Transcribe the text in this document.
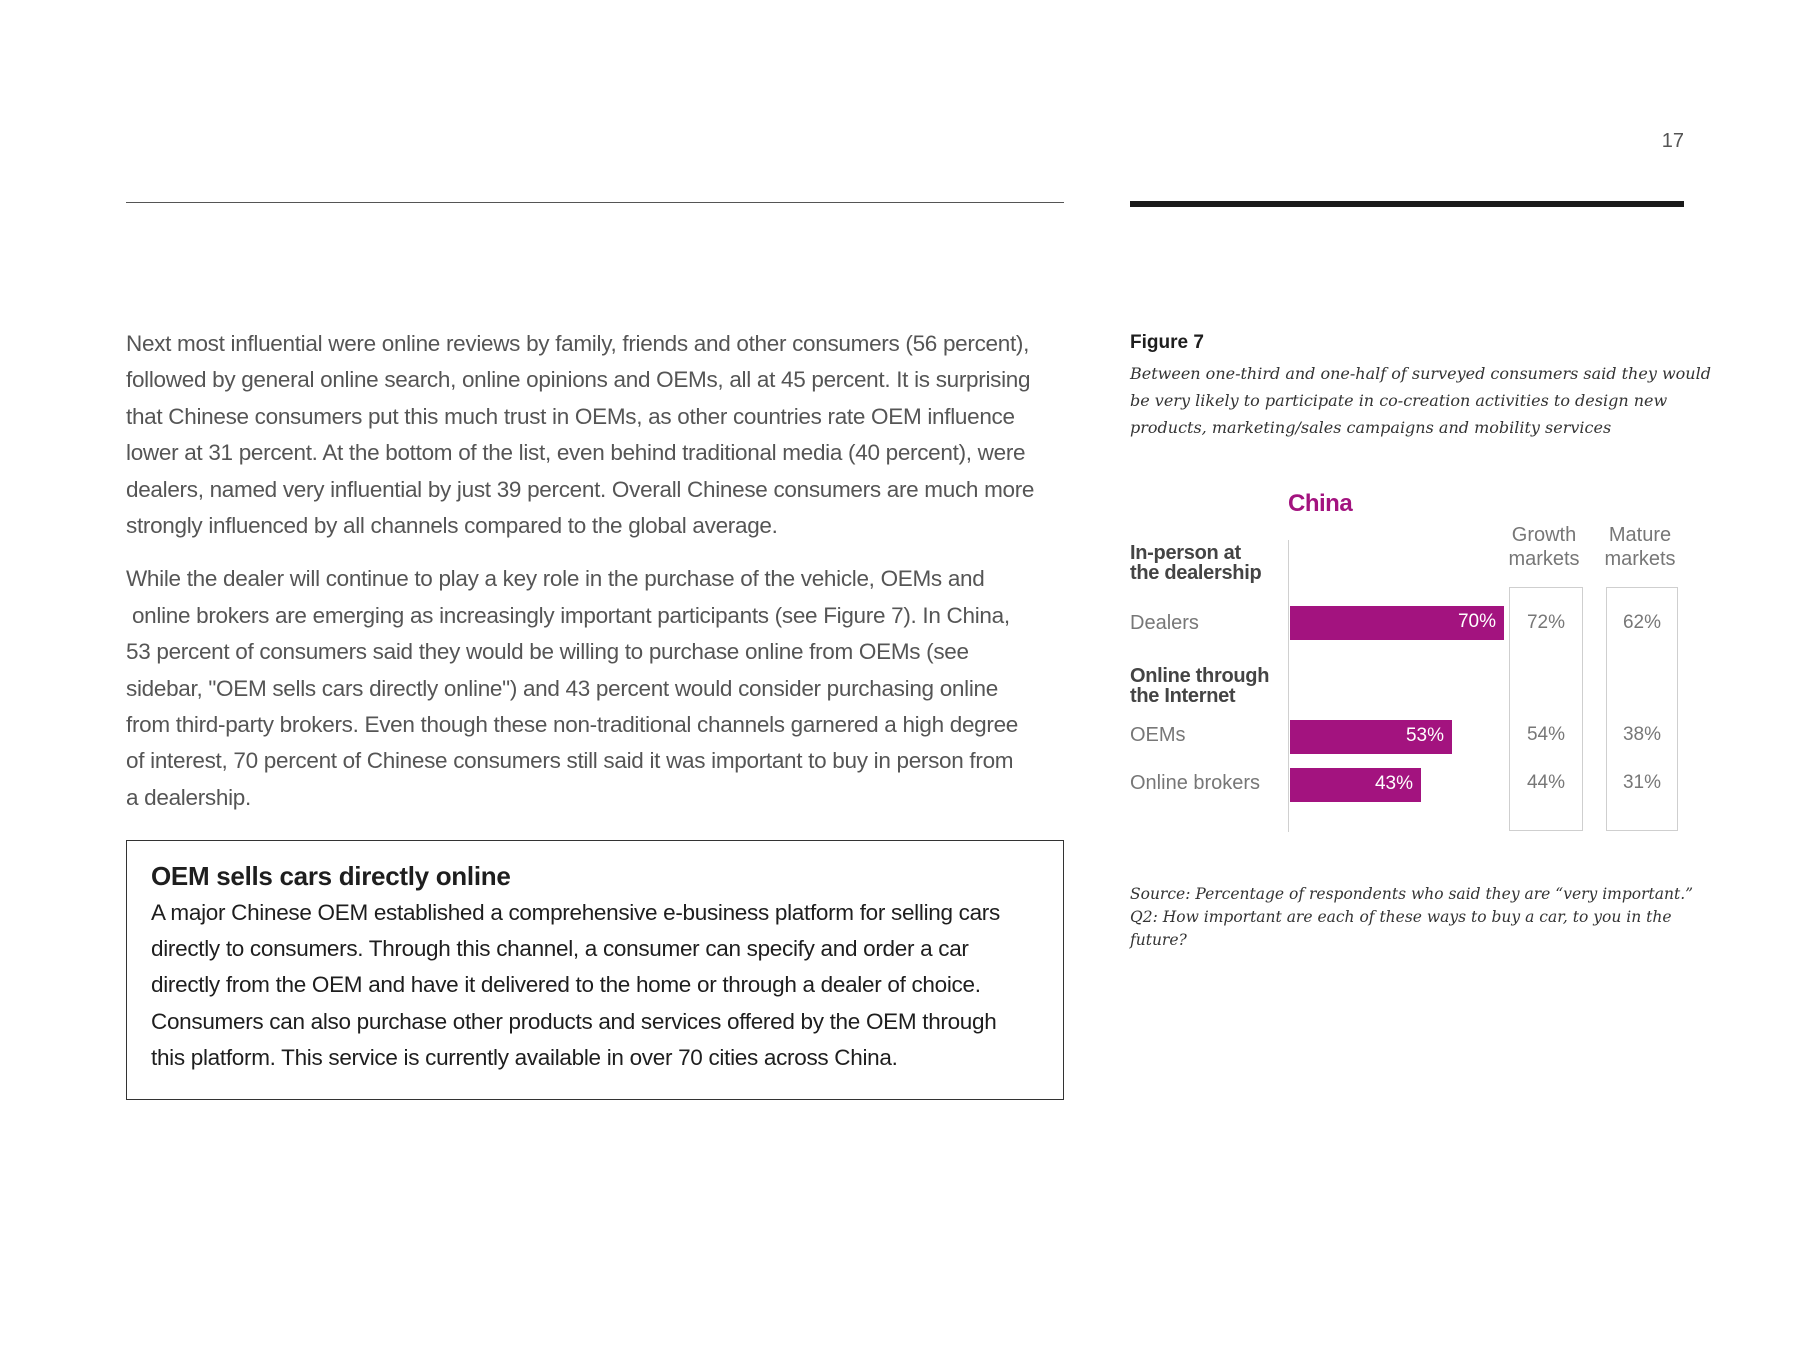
17

Next most influential were online reviews by family, friends and other consumers (56 percent),
followed by general online search, online opinions and OEMs, all at 45 percent. It is surprising
that Chinese consumers put this much trust in OEMs, as other countries rate OEM influence
lower at 31 percent. At the bottom of the list, even behind traditional media (40 percent), were
dealers, named very influential by just 39 percent. Overall Chinese consumers are much more
strongly influenced by all channels compared to the global average.

While the dealer will continue to play a key role in the purchase of the vehicle, OEMs and
online brokers are emerging as increasingly important participants (see Figure 7). In China,
53 percent of consumers said they would be willing to purchase online from OEMs (see
sidebar, "OEM sells cars directly online") and 43 percent would consider purchasing online
from third-party brokers. Even though these non-traditional channels garnered a high degree
of interest, 70 percent of Chinese consumers still said it was important to buy in person from
a dealership.

OEM sells cars directly online
A major Chinese OEM established a comprehensive e-business platform for selling cars
directly to consumers. Through this channel, a consumer can specify and order a car
directly from the OEM and have it delivered to the home or through a dealer of choice.
Consumers can also purchase other products and services offered by the OEM through
this platform. This service is currently available in over 70 cities across China.
Figure 7
Between one-third and one-half of surveyed consumers said they would
be very likely to participate in co-creation activities to design new
products, marketing/sales campaigns and mobility services
China
Growth
markets
Mature
markets
In-person at
the dealership
Online through
the Internet
Dealers
OEMs
Online brokers
70%
53%
43%
72%
54%
44%
62%
38%
31%
Source: Percentage of respondents who said they are “very important.”
Q2: How important are each of these ways to buy a car, to you in the
future?
